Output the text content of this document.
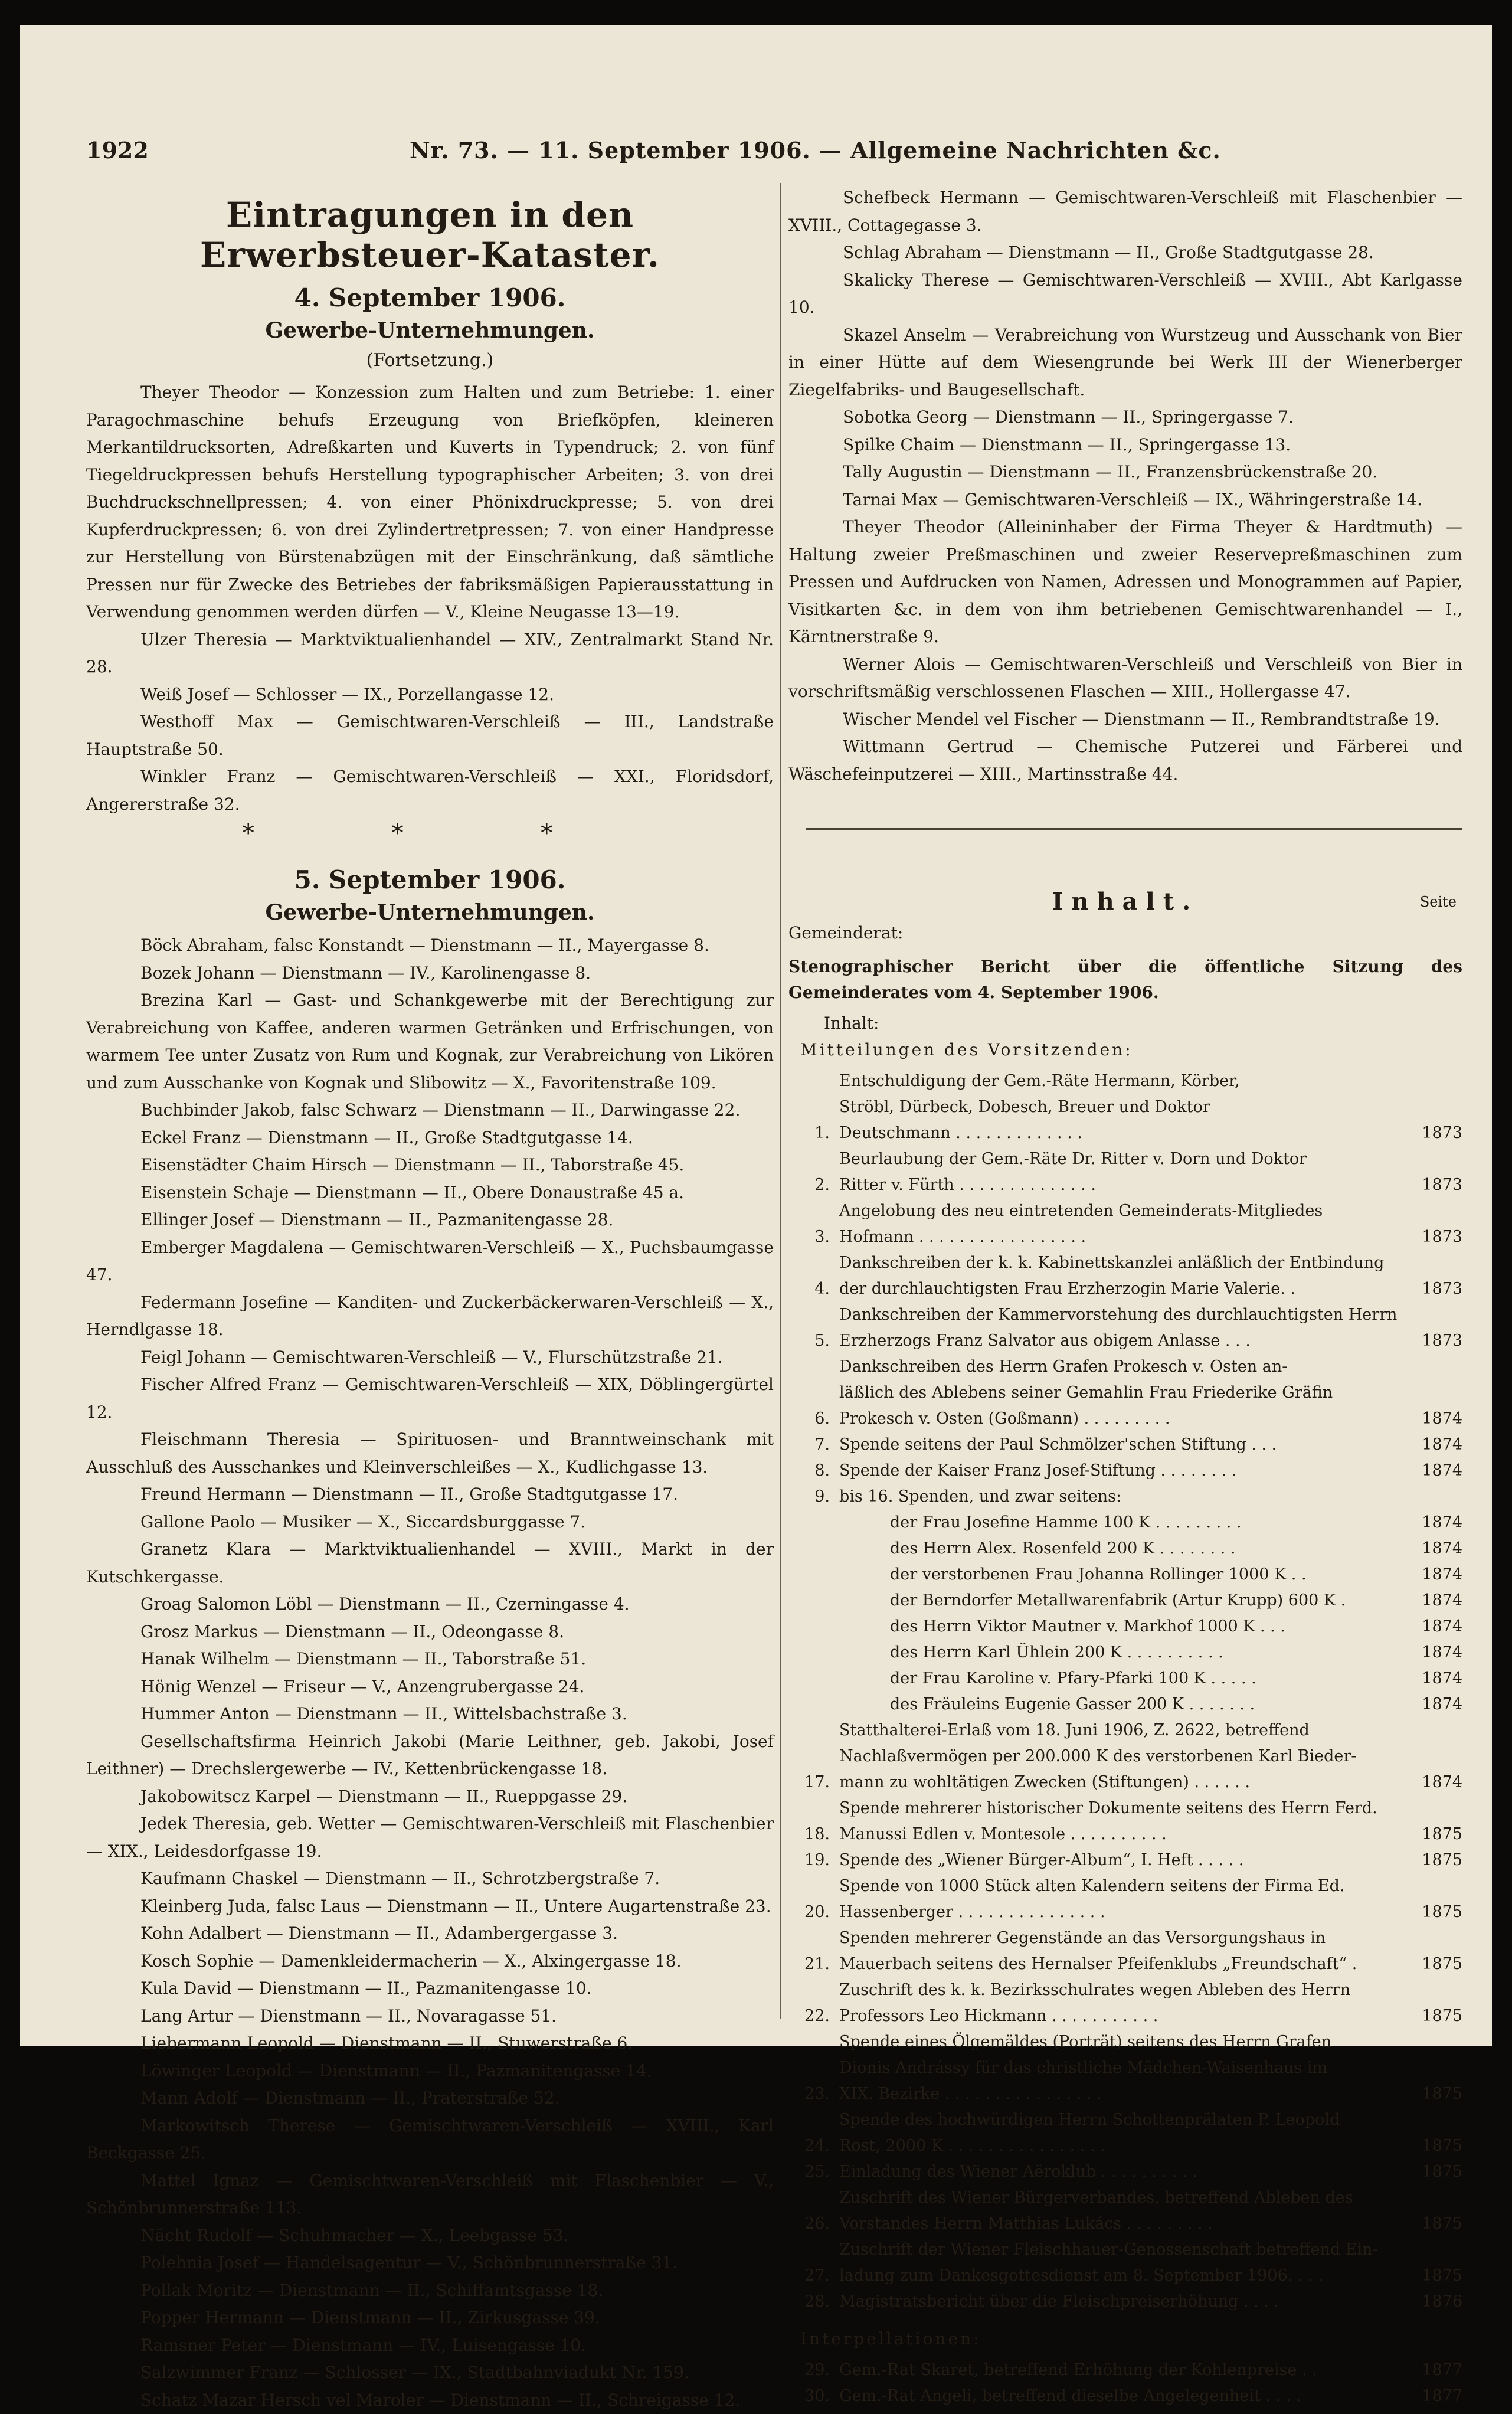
1922	Nr. 73. — 11. September 1906. — Allgemeine Nachrichten &c.
Eintragungen in den Erwerbsteuer-Kataster.
4. September 1906.
Gewerbe-Unternehmungen.
(Fortsetzung.)

Theyer Theodor — Konzession zum Halten und zum Betriebe: 1. einer Paragochmaschine behufs Erzeugung von Briefköpfen, kleineren Merkantildrucksorten, Adreßkarten und Kuverts in Typendruck; 2. von fünf Tiegeldruckpressen behufs Herstellung typographischer Arbeiten; 3. von drei Buchdruckschnellpressen; 4. von einer Phönixdruckpresse; 5. von drei Kupferdruckpressen; 6. von drei Zylindertretpressen; 7. von einer Handpresse zur Herstellung von Bürstenabzügen mit der Einschränkung, daß sämtliche Pressen nur für Zwecke des Betriebes der fabriksmäßigen Papierausstattung in Verwendung genommen werden dürfen — V., Kleine Neugasse 13—19.

Ulzer Theresia — Marktviktualienhandel — XIV., Zentralmarkt Stand Nr. 28.

Weiß Josef — Schlosser — IX., Porzellangasse 12.

Westhoff Max — Gemischtwaren-Verschleiß — III., Landstraße Hauptstraße 50.

Winkler Franz — Gemischtwaren-Verschleiß — XXI., Floridsdorf, Angererstraße 32.

* * *
5. September 1906.
Gewerbe-Unternehmungen.

Böck Abraham, falsc Konstandt — Dienstmann — II., Mayergasse 8.

Bozek Johann — Dienstmann — IV., Karolinengasse 8.

Brezina Karl — Gast- und Schankgewerbe mit der Berechtigung zur Verabreichung von Kaffee, anderen warmen Getränken und Erfrischungen, von warmem Tee unter Zusatz von Rum und Kognak, zur Verabreichung von Likören und zum Ausschanke von Kognak und Slibowitz — X., Favoritenstraße 109.

Buchbinder Jakob, falsc Schwarz — Dienstmann — II., Darwingasse 22.

Eckel Franz — Dienstmann — II., Große Stadtgutgasse 14.

Eisenstädter Chaim Hirsch — Dienstmann — II., Taborstraße 45.

Eisenstein Schaje — Dienstmann — II., Obere Donaustraße 45 a.

Ellinger Josef — Dienstmann — II., Pazmanitengasse 28.

Emberger Magdalena — Gemischtwaren-Verschleiß — X., Puchsbaumgasse 47.

Federmann Josefine — Kanditen- und Zuckerbäckerwaren-Verschleiß — X., Herndlgasse 18.

Feigl Johann — Gemischtwaren-Verschleiß — V., Flurschützstraße 21.

Fischer Alfred Franz — Gemischtwaren-Verschleiß — XIX, Döblingergürtel 12.

Fleischmann Theresia — Spirituosen- und Branntweinschank mit Ausschluß des Ausschankes und Kleinverschleißes — X., Kudlichgasse 13.

Freund Hermann — Dienstmann — II., Große Stadtgutgasse 17.

Gallone Paolo — Musiker — X., Siccardsburggasse 7.

Granetz Klara — Marktviktualienhandel — XVIII., Markt in der Kutschkergasse.

Groag Salomon Löbl — Dienstmann — II., Czerningasse 4.

Grosz Markus — Dienstmann — II., Odeongasse 8.

Hanak Wilhelm — Dienstmann — II., Taborstraße 51.

Hönig Wenzel — Friseur — V., Anzengrubergasse 24.

Hummer Anton — Dienstmann — II., Wittelsbachstraße 3.

Gesellschaftsfirma Heinrich Jakobi (Marie Leithner, geb. Jakobi, Josef Leithner) — Drechslergewerbe — IV., Kettenbrückengasse 18.

Jakobowitscz Karpel — Dienstmann — II., Rueppgasse 29.

Jedek Theresia, geb. Wetter — Gemischtwaren-Verschleiß mit Flaschenbier — XIX., Leidesdorfgasse 19.

Kaufmann Chaskel — Dienstmann — II., Schrotzbergstraße 7.

Kleinberg Juda, falsc Laus — Dienstmann — II., Untere Augartenstraße 23.

Kohn Adalbert — Dienstmann — II., Adambergergasse 3.

Kosch Sophie — Damenkleidermacherin — X., Alxingergasse 18.

Kula David — Dienstmann — II., Pazmanitengasse 10.

Lang Artur — Dienstmann — II., Novaragasse 51.

Liebermann Leopold — Dienstmann — II., Stuwerstraße 6.

Löwinger Leopold — Dienstmann — II., Pazmanitengasse 14.

Mann Adolf — Dienstmann — II., Praterstraße 52.

Markowitsch Therese — Gemischtwaren-Verschleiß — XVIII., Karl Beckgasse 25.

Mattel Ignaz — Gemischtwaren-Verschleiß mit Flaschenbier — V., Schönbrunnerstraße 113.

Nächt Rudolf — Schuhmacher — X., Leebgasse 53.

Polehnia Josef — Handelsagentur — V., Schönbrunnerstraße 31.

Pollak Moritz — Dienstmann — II., Schiffamtsgasse 18.

Popper Hermann — Dienstmann — II., Zirkusgasse 39.

Ramsner Peter — Dienstmann — IV., Luisengasse 10.

Salzwimmer Franz — Schlosser — IX., Stadtbahnviadukt Nr. 159.

Schatz Mazar Hersch vel Maroler — Dienstmann — II., Schreigasse 12.

Schefbeck Hermann — Gemischtwaren-Verschleiß mit Flaschenbier — XVIII., Cottagegasse 3.

Schlag Abraham — Dienstmann — II., Große Stadtgutgasse 28.

Skalicky Therese — Gemischtwaren-Verschleiß — XVIII., Abt Karlgasse 10.

Skazel Anselm — Verabreichung von Wurstzeug und Ausschank von Bier in einer Hütte auf dem Wiesengrunde bei Werk III der Wienerberger Ziegelfabriks- und Baugesellschaft.

Sobotka Georg — Dienstmann — II., Springergasse 7.

Spilke Chaim — Dienstmann — II., Springergasse 13.

Tally Augustin — Dienstmann — II., Franzensbrückenstraße 20.

Tarnai Max — Gemischtwaren-Verschleiß — IX., Währingerstraße 14.

Theyer Theodor (Alleininhaber der Firma Theyer & Hardtmuth) — Haltung zweier Preßmaschinen und zweier Reservepreßmaschinen zum Pressen und Aufdrucken von Namen, Adressen und Monogrammen auf Papier, Visitkarten &c. in dem von ihm betriebenen Gemischtwarenhandel — I., Kärntnerstraße 9.

Werner Alois — Gemischtwaren-Verschleiß und Verschleiß von Bier in vorschriftsmäßig verschlossenen Flaschen — XIII., Hollergasse 47.

Wischer Mendel vel Fischer — Dienstmann — II., Rembrandtstraße 19.

Wittmann Gertrud — Chemische Putzerei und Färberei und Wäschefeinputzerei — XIII., Martinsstraße 44.

Inhalt.	Seite

Gemeinderat:

Stenographischer Bericht über die öffentliche Sitzung des Gemeinderates vom 4. September 1906.

Inhalt:

Mitteilungen des Vorsitzenden:

1.
Entschuldigung der Gem.-Räte Hermann, Körber,
Ströbl, Dürbeck, Dobesch, Breuer und Doktor
Deutschmann . . . . . . . . . . . . .	1873
2.
Beurlaubung der Gem.-Räte Dr. Ritter v. Dorn und Doktor
Ritter v. Fürth . . . . . . . . . . . . . .	1873
3.
Angelobung des neu eintretenden Gemeinderats-Mitgliedes
Hofmann . . . . . . . . . . . . . . . . .	1873
4.
Dankschreiben der k. k. Kabinettskanzlei anläßlich der Entbindung
der durchlauchtigsten Frau Erzherzogin Marie Valerie. .	1873
5.
Dankschreiben der Kammervorstehung des durchlauchtigsten Herrn
Erzherzogs Franz Salvator aus obigem Anlasse . . .	1873
6.
Dankschreiben des Herrn Grafen Prokesch v. Osten an-
läßlich des Ablebens seiner Gemahlin Frau Friederike Gräfin
Prokesch v. Osten (Goßmann) . . . . . . . . .	1874
7. Spende seitens der Paul Schmölzer'schen Stiftung . . .	1874
8. Spende der Kaiser Franz Josef-Stiftung . . . . . . . .	1874
9. bis 16. Spenden, und zwar seitens:
der Frau Josefine Hamme 100 K . . . . . . . . .	1874
des Herrn Alex. Rosenfeld 200 K . . . . . . . .	1874
der verstorbenen Frau Johanna Rollinger 1000 K . .	1874
der Berndorfer Metallwarenfabrik (Artur Krupp) 600 K .	1874
des Herrn Viktor Mautner v. Markhof 1000 K . . .	1874
des Herrn Karl Ühlein 200 K . . . . . . . . . .	1874
der Frau Karoline v. Pfary-Pfarki 100 K . . . . .	1874
des Fräuleins Eugenie Gasser 200 K . . . . . . .	1874
17.
Statthalterei-Erlaß vom 18. Juni 1906, Z. 2622, betreffend
Nachlaßvermögen per 200.000 K des verstorbenen Karl Bieder-
mann zu wohltätigen Zwecken (Stiftungen) . . . . . .	1874
18.
Spende mehrerer historischer Dokumente seitens des Herrn Ferd.
Manussi Edlen v. Montesole . . . . . . . . . .	1875
19. Spende des „Wiener Bürger-Album“, I. Heft . . . . .	1875
20.
Spende von 1000 Stück alten Kalendern seitens der Firma Ed.
Hassenberger . . . . . . . . . . . . . . .	1875
21.
Spenden mehrerer Gegenstände an das Versorgungshaus in
Mauerbach seitens des Hernalser Pfeifenklubs „Freundschaft“ .	1875
22.
Zuschrift des k. k. Bezirksschulrates wegen Ableben des Herrn
Professors Leo Hickmann . . . . . . . . . . .	1875
23.
Spende eines Ölgemäldes (Porträt) seitens des Herrn Grafen
Dionis Andrássy für das christliche Mädchen-Waisenhaus im
XIX. Bezirke . . . . . . . . . . . . . . . .	1875
24.
Spende des hochwürdigen Herrn Schottenprälaten P. Leopold
Rost, 2000 K . . . . . . . . . . . . . . . .	1875
25. Einladung des Wiener Aëroklub . . . . . . . . . .	1875
26.
Zuschrift des Wiener Bürgerverbandes, betreffend Ableben des
Vorstandes Herrn Matthias Lukács . . . . . . . . .	1875
27.
Zuschrift der Wiener Fleischhauer-Genossenschaft betreffend Ein-
ladung zum Dankesgottesdienst am 8. September 1906. . . .	1875
28. Magistratsbericht über die Fleischpreiserhöhung . . . .	1876

Interpellationen:

29. Gem.-Rat Skaret, betreffend Erhöhung der Kohlenpreise . .	1877
30. Gem.-Rat Angeli, betreffend dieselbe Angelegenheit . . . .	1877
